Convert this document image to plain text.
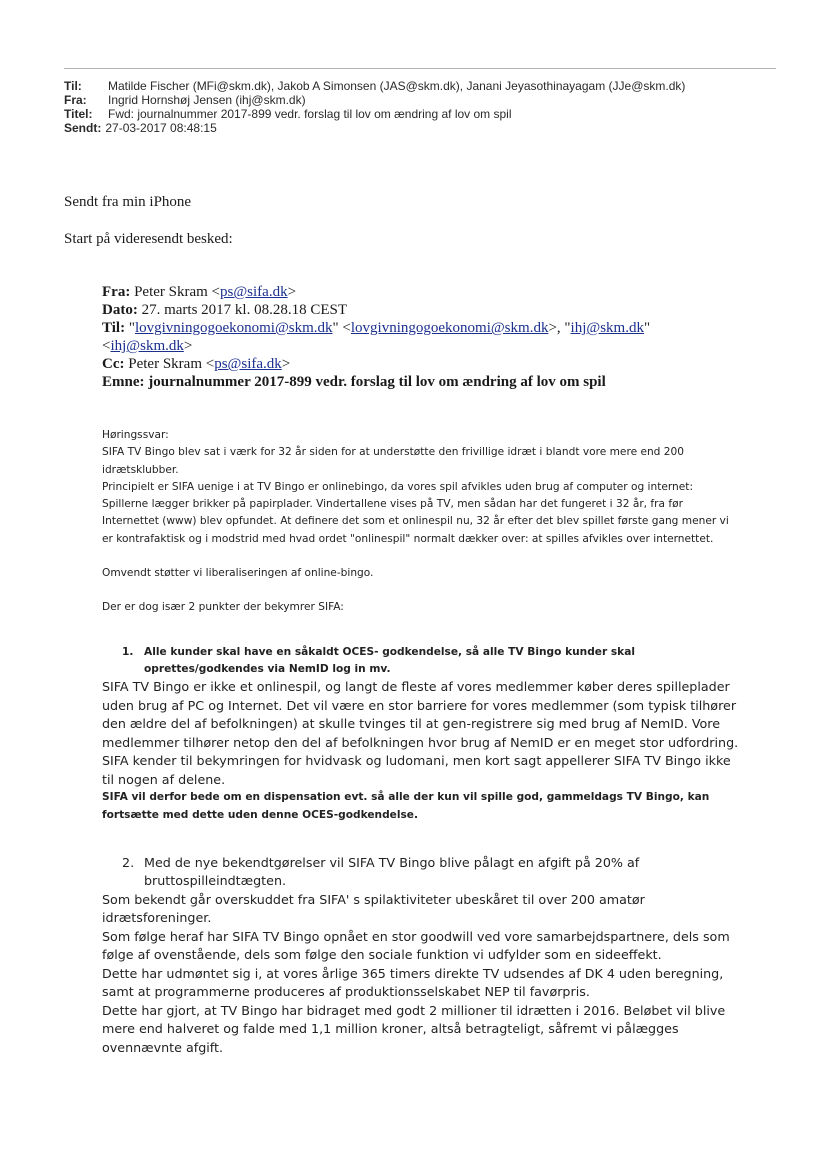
Til:	Matilde Fischer (MFi@skm.dk), Jakob A Simonsen (JAS@skm.dk), Janani Jeyasothinayagam (JJe@skm.dk)
Fra:	Ingrid Hornshøj Jensen (ihj@skm.dk)
Titel:	Fwd: journalnummer 2017-899 vedr. forslag til lov om ændring af lov om spil
Sendt: 27-03-2017 08:48:15
Sendt fra min iPhone
Start på videresendt besked:
Fra: Peter Skram <ps@sifa.dk>
Dato: 27. marts 2017 kl. 08.28.18 CEST
Til: "lovgivningogoekonomi@skm.dk" <lovgivningogoekonomi@skm.dk>, "ihj@skm.dk"
<ihj@skm.dk>
Cc: Peter Skram <ps@sifa.dk>
Emne: journalnummer 2017-899 vedr. forslag til lov om ændring af lov om spil

Høringssvar:

SIFA TV Bingo blev sat i værk for 32 år siden for at understøtte den frivillige idræt i blandt vore mere end 200 idrætsklubber.

Principielt er SIFA uenige i at TV Bingo er onlinebingo, da vores spil afvikles uden brug af computer og internet: Spillerne lægger brikker på papirplader. Vindertallene vises på TV, men sådan har det fungeret i 32 år, fra før Internettet (www) blev opfundet. At definere det som et onlinespil nu, 32 år efter det blev spillet første gang mener vi er kontrafaktisk og i modstrid med hvad ordet "onlinespil" normalt dækker over: at spilles afvikles over internettet.

Omvendt støtter vi liberaliseringen af online-bingo.

Der er dog især 2 punkter der bekymrer SIFA:

1. Alle kunder skal have en såkaldt OCES- godkendelse, så alle TV Bingo kunder skal oprettes/godkendes via NemID log in mv.

SIFA TV Bingo er ikke et onlinespil, og langt de fleste af vores medlemmer køber deres spilleplader uden brug af PC og Internet. Det vil være en stor barriere for vores medlemmer (som typisk tilhører den ældre del af befolkningen) at skulle tvinges til at gen-registrere sig med brug af NemID. Vore medlemmer tilhører netop den del af befolkningen hvor brug af NemID er en meget stor udfordring.

SIFA kender til bekymringen for hvidvask og ludomani, men kort sagt appellerer SIFA TV Bingo ikke til nogen af delene.

SIFA vil derfor bede om en dispensation evt. så alle der kun vil spille god, gammeldags TV Bingo, kan fortsætte med dette uden denne OCES-godkendelse.

2. Med de nye bekendtgørelser vil SIFA TV Bingo blive pålagt en afgift på 20% af bruttospilleindtægten.

Som bekendt går overskuddet fra SIFA' s spilaktiviteter ubeskåret til over 200 amatør idrætsforeninger.

Som følge heraf har SIFA TV Bingo opnået en stor goodwill ved vore samarbejdspartnere, dels som følge af ovenstående, dels som følge den sociale funktion vi udfylder som en sideeffekt.

Dette har udmøntet sig i, at vores årlige 365 timers direkte TV udsendes af DK 4 uden beregning, samt at programmerne produceres af produktionsselskabet NEP til favørpris.

Dette har gjort, at TV Bingo har bidraget med godt 2 millioner til idrætten i 2016. Beløbet vil blive mere end halveret og falde med 1,1 million kroner, altså betragteligt, såfremt vi pålægges ovennævnte afgift.
